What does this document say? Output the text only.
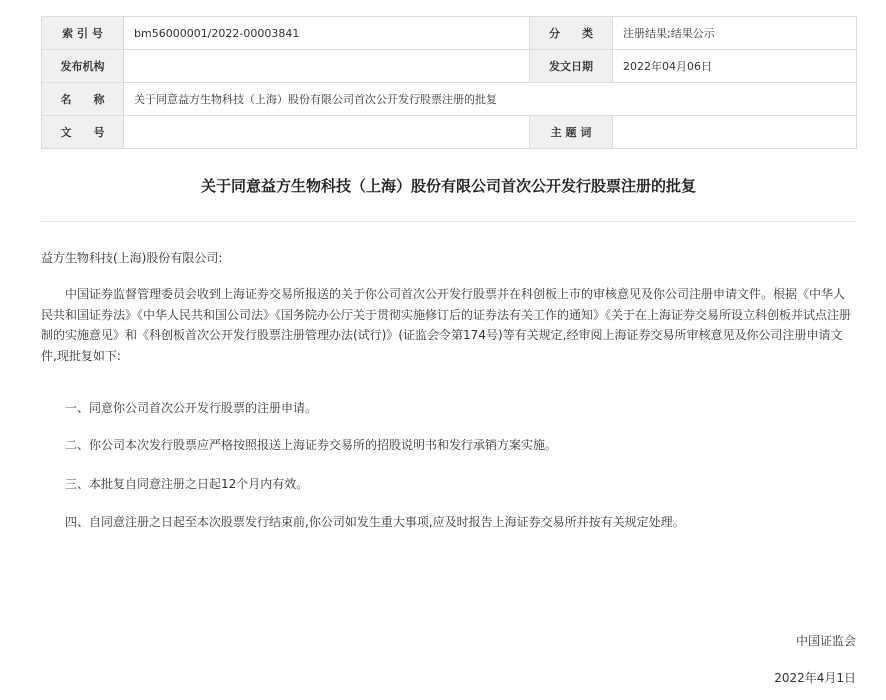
索 引 号	bm56000001/2022-00003841	分　　类	注册结果;结果公示
发布机构		发文日期	2022年04月06日
名　　称	关于同意益方生物科技（上海）股份有限公司首次公开发行股票注册的批复		
文　　号		主 题 词	
关于同意益方生物科技（上海）股份有限公司首次公开发行股票注册的批复
益方生物科技(上海)股份有限公司:

中国证券监督管理委员会收到上海证券交易所报送的关于你公司首次公开发行股票并在科创板上市的审核意见及你公司注册申请文件。根据《中华人民共和国证券法》《中华人民共和国公司法》《国务院办公厅关于贯彻实施修订后的证券法有关工作的通知》《关于在上海证券交易所设立科创板并试点注册制的实施意见》和《科创板首次公开发行股票注册管理办法(试行)》(证监会令第174号)等有关规定,经审阅上海证券交易所审核意见及你公司注册申请文件,现批复如下:

一、同意你公司首次公开发行股票的注册申请。

二、你公司本次发行股票应严格按照报送上海证券交易所的招股说明书和发行承销方案实施。

三、本批复自同意注册之日起12个月内有效。

四、自同意注册之日起至本次股票发行结束前,你公司如发生重大事项,应及时报告上海证券交易所并按有关规定处理。

中国证监会
2022年4月1日
